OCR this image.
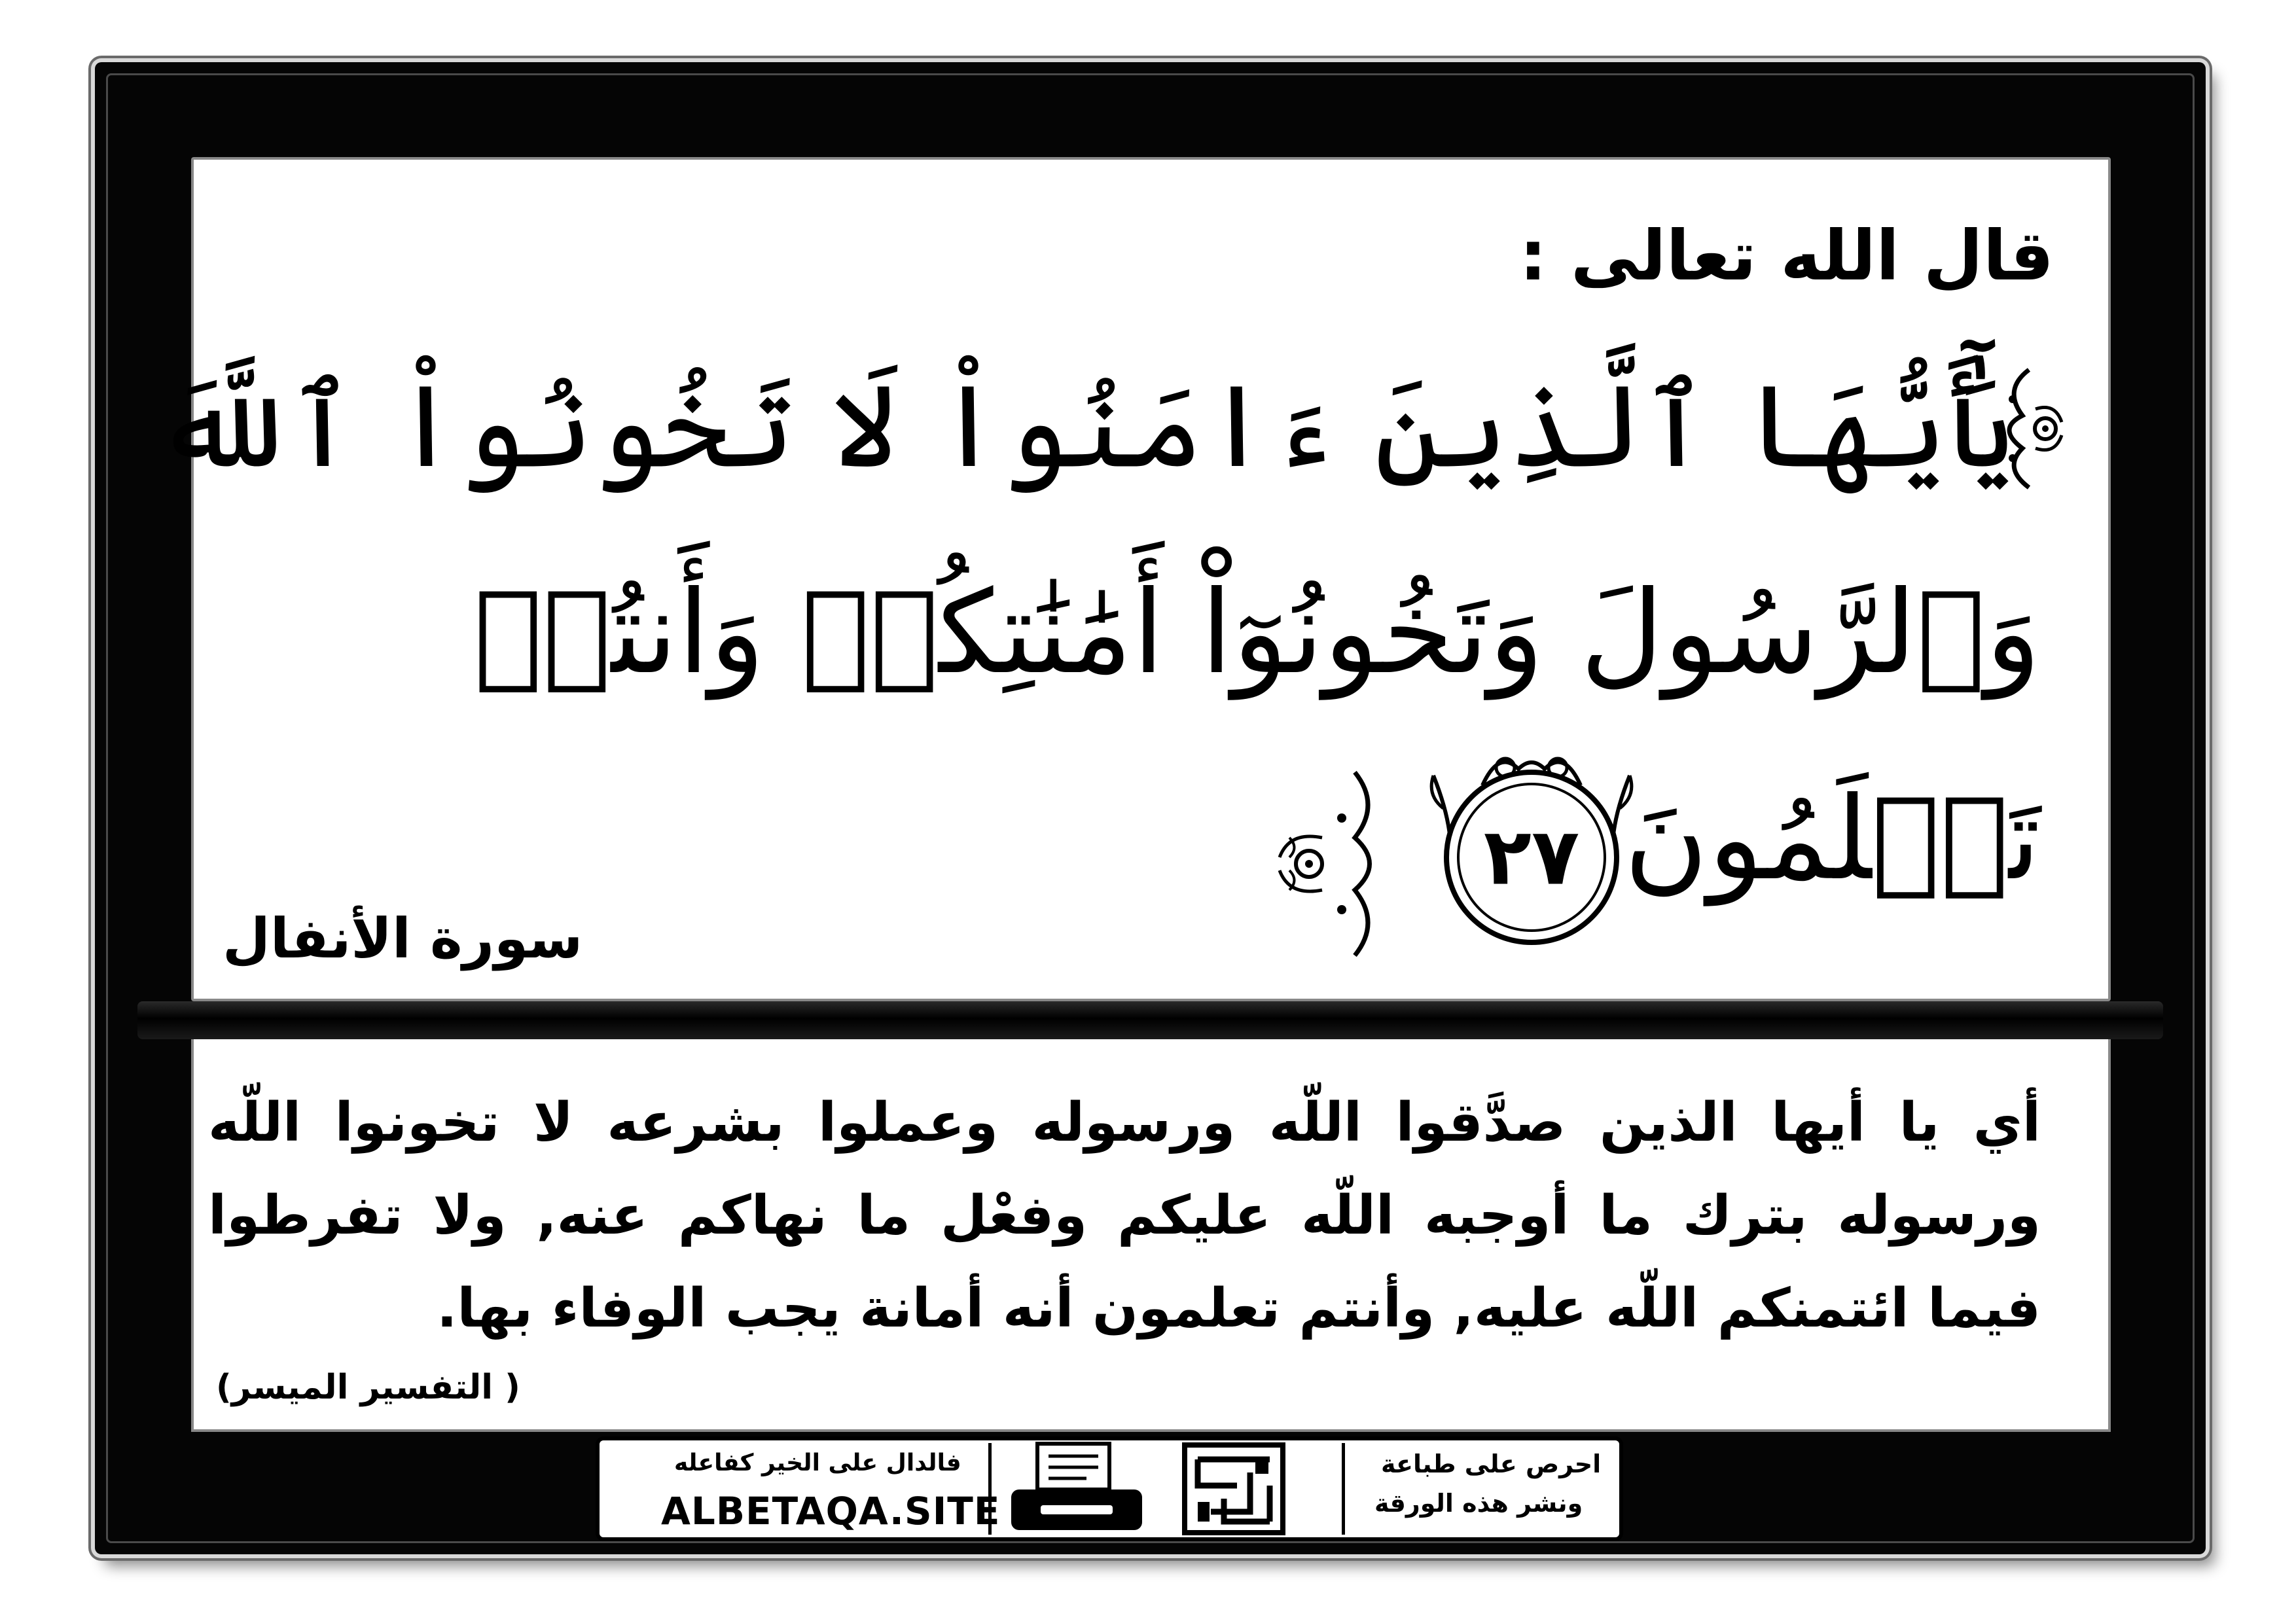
قال الله تعالى :
يَٰٓأَيُّهَا ٱلَّذِينَ ءَامَنُواْ لَا تَخُونُواْ ٱللَّهَ
وَٱلرَّسُولَ وَتَخُونُوٓاْ أَمَٰنَٰتِكُمۡ وَأَنتُمۡ
تَعۡلَمُونَ
٢٧
سورة الأنفال
أي يا أيها الذين صدَّقوا اللّه ورسوله وعملوا بشرعه لا تخونوا اللّه ورسوله بترك ما أوجبه اللّه عليكم وفعْل ما نهاكم عنه, ولا تفرطوا فيما ائتمنكم اللّه عليه, وأنتم تعلمون أنه أمانة يجب الوفاء بها.
( التفسير الميسر)
فالدال على الخير كفاعله
ALBETAQA.SITE
احرص على طباعة
ونشر هذه الورقة
